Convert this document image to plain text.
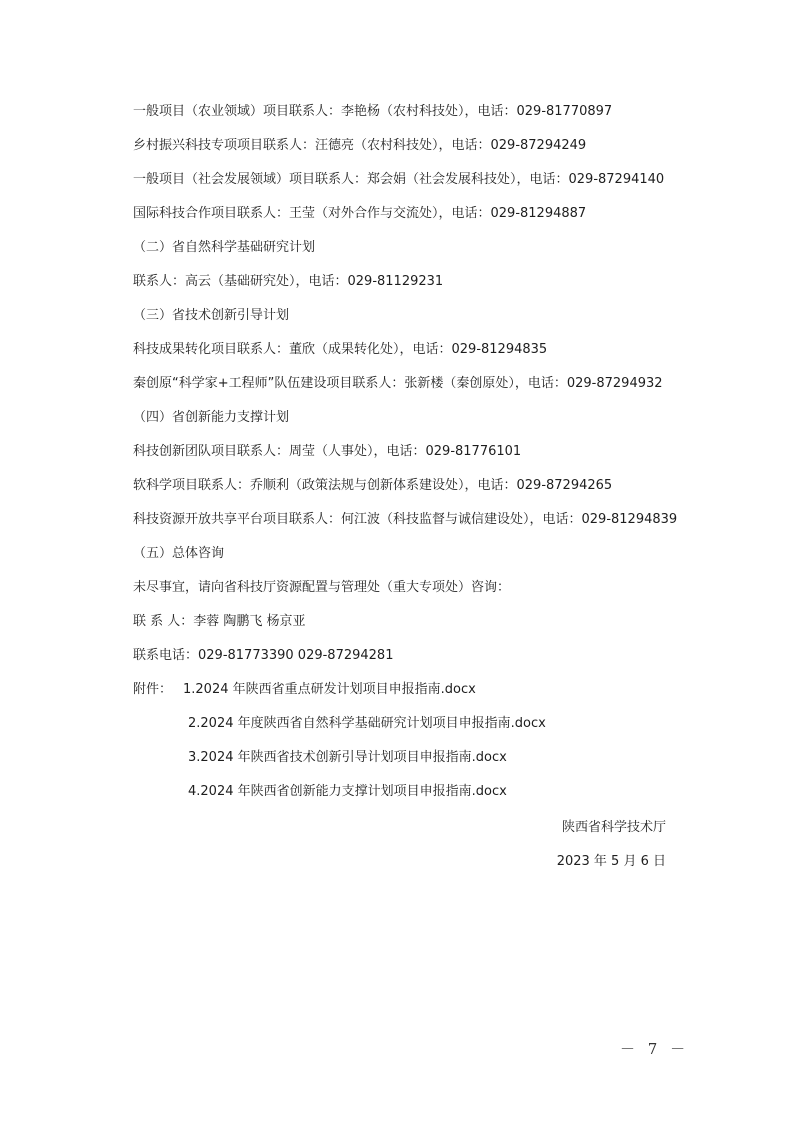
一般项目（农业领域）项目联系人：李艳杨（农村科技处），电话：029-81770897
乡村振兴科技专项项目联系人：汪德亮（农村科技处），电话：029-87294249
一般项目（社会发展领域）项目联系人：郑会娟（社会发展科技处），电话：029-87294140
国际科技合作项目联系人：王莹（对外合作与交流处），电话：029-81294887
（二）省自然科学基础研究计划
联系人：高云（基础研究处），电话：029-81129231
（三）省技术创新引导计划
科技成果转化项目联系人：董欣（成果转化处），电话：029-81294835
秦创原“科学家+工程师”队伍建设项目联系人：张新楼（秦创原处），电话：029-87294932
（四）省创新能力支撑计划
科技创新团队项目联系人：周莹（人事处），电话：029-81776101
软科学项目联系人：乔顺利（政策法规与创新体系建设处），电话：029-87294265
科技资源开放共享平台项目联系人：何江波（科技监督与诚信建设处），电话：029-81294839
（五）总体咨询
未尽事宜，请向省科技厅资源配置与管理处（重大专项处）咨询：
联 系 人：李蓉 陶鹏飞 杨京亚
联系电话：029-81773390 029-87294281
附件： 1.2024 年陕西省重点研发计划项目申报指南.docx
2.2024 年度陕西省自然科学基础研究计划项目申报指南.docx
3.2024 年陕西省技术创新引导计划项目申报指南.docx
4.2024 年陕西省创新能力支撑计划项目申报指南.docx
陕西省科学技术厅
2023 年 5 月 6 日
－ 7 －
